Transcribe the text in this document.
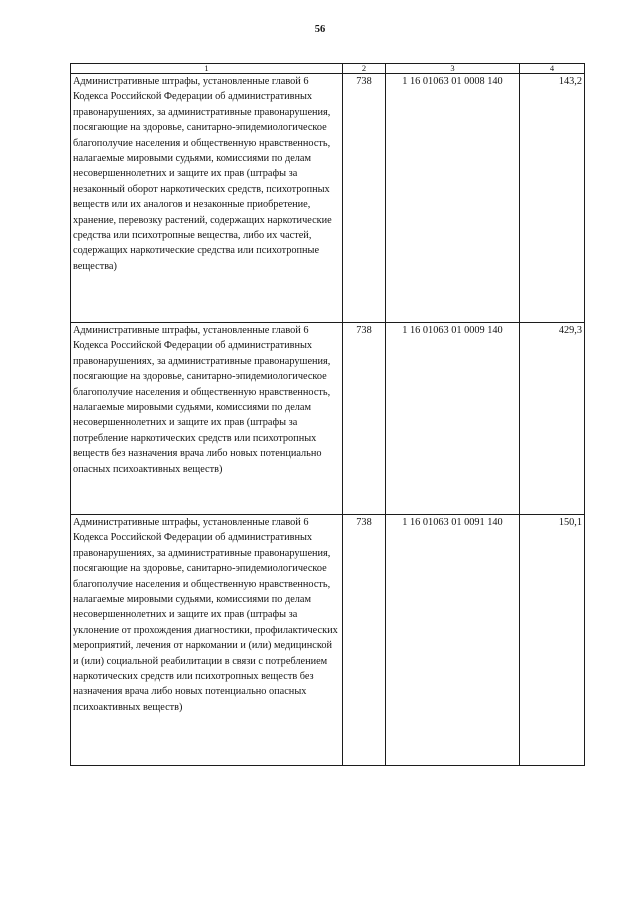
56
1	2	3	4
Административные штрафы, установленные главой 6 Кодекса Российской Федерации об административных правонарушениях, за административные правонарушения, посягающие на здоровье, санитарно-эпидемиологическое благополучие населения и общественную нравственность, налагаемые мировыми судьями, комиссиями по делам несовершеннолетних и защите их прав (штрафы за незаконный оборот наркотических средств, психотропных веществ или их аналогов и незаконные приобретение, хранение, перевозку растений, содержащих наркотические средства или психотропные вещества, либо их частей, содержащих наркотические средства или психотропные вещества)	738	1 16 01063 01 0008 140	143,2
Административные штрафы, установленные главой 6 Кодекса Российской Федерации об административных правонарушениях, за административные правонарушения, посягающие на здоровье, санитарно-эпидемиологическое благополучие населения и общественную нравственность, налагаемые мировыми судьями, комиссиями по делам несовершеннолетних и защите их прав (штрафы за потребление наркотических средств или психотропных веществ без назначения врача либо новых потенциально опасных психоактивных веществ)	738	1 16 01063 01 0009 140	429,3
Административные штрафы, установленные главой 6 Кодекса Российской Федерации об административных правонарушениях, за административные правонарушения, посягающие на здоровье, санитарно-эпидемиологическое благополучие населения и общественную нравственность, налагаемые мировыми судьями, комиссиями по делам несовершеннолетних и защите их прав (штрафы за уклонение от прохождения диагностики, профилактических мероприятий, лечения от наркомании и (или) медицинской и (или) социальной реабилитации в связи с потреблением наркотических средств или психотропных веществ без назначения врача либо новых потенциально опасных психоактивных веществ)	738	1 16 01063 01 0091 140	150,1
